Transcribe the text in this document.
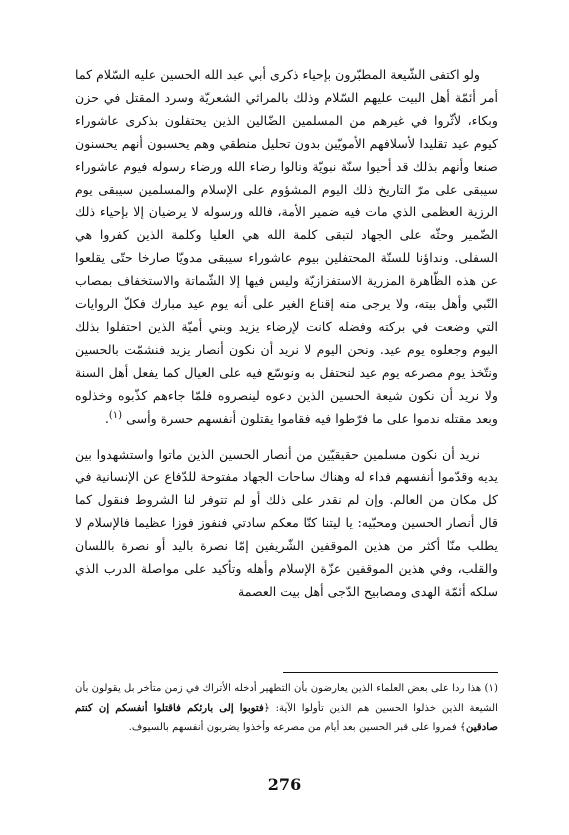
ولو اكتفى الشّيعة المطبّرون بإحياء ذكرى أبي عبد الله الحسين عليه السّلام كما أمر أئمّة أهل البيت عليهم السّلام وذلك بالمراثي الشعريّة وسرد المقتل في حزن وبكاء، لأثّروا في غيرهم من المسلمين الضّالين الذين يحتفلون بذكرى عاشوراء كيوم عيد تقليدا لأسلافهم الأمويّين بدون تحليل منطقي وهم يحسبون أنهم يحسنون صنعا وأنهم بذلك قد أحيوا سنّة نبويّة ونالوا رضاء الله ورضاء رسوله فيوم عاشوراء سيبقى على مرّ التاريخ ذلك اليوم المشؤوم على الإسلام والمسلمين سيبقى يوم الرزية العظمى الذي مات فيه ضمير الأمة، فالله ورسوله لا يرضيان إلا بإحياء ذلك الضّمير وحثّه على الجهاد لتبقى كلمة الله هي العليا وكلمة الذين كفروا هي السفلى. ونداؤنا للسنّة المحتفلين بيوم عاشوراء سيبقى مدويّا صارخا حتّى يقلعوا عن هذه الظّاهرة المزرية الاستفزازيّة وليس فيها إلا الشّماتة والاستخفاف بمصاب النّبي وأهل بيته، ولا يرجى منه إقناع الغير على أنه يوم عيد مبارك فكلّ الروايات التي وضعت في بركته وفضله كانت لإرضاء يزيد وبني أميّة الذين احتفلوا بذلك اليوم وجعلوه يوم عيد. ونحن اليوم لا نريد أن نكون أنصار يزيد فنشمّت بالحسين ونتّخذ يوم مصرعه يوم عيد لنحتفل به ونوسّع فيه على العيال كما يفعل أهل السنة ولا نريد أن نكون شيعة الحسين الذين دعوه لينصروه فلمّا جاءهم كذّبوه وخذلوه وبعد مقتله ندموا على ما فرّطوا فيه فقاموا يقتلون أنفسهم حسرة وأسى $^{(١)}$.

نريد أن نكون مسلمين حقيقيّين من أنصار الحسين الذين ماتوا واستشهدوا بين يديه وقدّموا أنفسهم فداء له وهناك ساحات الجهاد مفتوحة للدّفاع عن الإنسانية في كل مكان من العالم. وإن لم نقدر على ذلك أو لم تتوفر لنا الشروط فنقول كما قال أنصار الحسين ومحبّيه: يا ليتنا كنّا معكم سادتي فنفوز فوزا عظيما فالإسلام لا يطلب منّا أكثر من هذين الموقفين الشّريفين إمّا نصرة باليد أو نصرة باللسان والقلب، وفي هذين الموقفين عزّة الإسلام وأهله وتأكيد على مواصلة الدرب الذي سلكه أئمّة الهدى ومصابيح الدّجى أهل بيت العصمة

(١) هذا ردا على بعض العلماء الذين يعارضون بأن التطهير أدخله الأتراك في زمن متأخر بل يقولون بأن الشيعة الذين خذلوا الحسين هم الذين تأولوا الآية: ﴿فتوبوا إلى بارئكم فاقتلوا أنفسكم إن كنتم صادقين﴾ فمروا على قبر الحسين بعد أيام من مصرعه وأخذوا يضربون أنفسهم بالسيوف.
276
